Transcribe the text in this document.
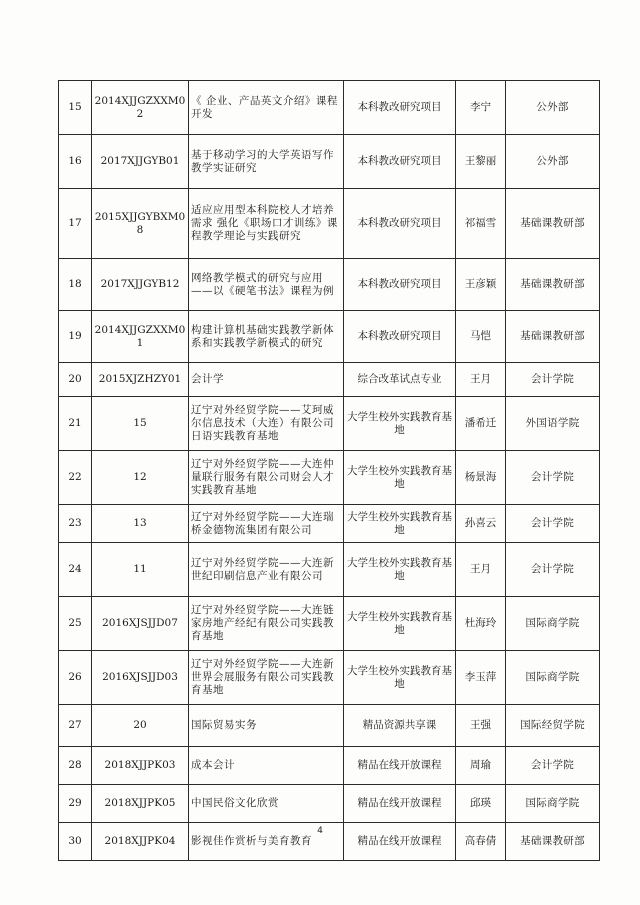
15	2014XJJGZXXM02	《 企业、产品英文介绍》课程开发	本科教改研究项目	李宁	公外部
16	2017XJJGYB01	基于移动学习的大学英语写作教学实证研究	本科教改研究项目	王黎丽	公外部
17	2015XJJGYBXM08	适应应用型本科院校人才培养需求 强化《职场口才训练》课程教学理论与实践研究	本科教改研究项目	祁福雪	基础课教研部
18	2017XJJGYB12	网络教学模式的研究与应用——以《硬笔书法》课程为例	本科教改研究项目	王彦颖	基础课教研部
19	2014XJJGZXXM01	构建计算机基础实践教学新体系和实践教学新模式的研究	本科教改研究项目	马恺	基础课教研部
20	2015XJZHZY01	会计学	综合改革试点专业	王月	会计学院
21	15	辽宁对外经贸学院——艾珂威尔信息技术（大连）有限公司日语实践教育基地	大学生校外实践教育基地	潘希迁	外国语学院
22	12	辽宁对外经贸学院——大连仲量联行服务有限公司财会人才实践教育基地	大学生校外实践教育基地	杨景海	会计学院
23	13	辽宁对外经贸学院——大连瑞桥金德物流集团有限公司	大学生校外实践教育基地	孙喜云	会计学院
24	11	辽宁对外经贸学院——大连新世纪印刷信息产业有限公司	大学生校外实践教育基地	王月	会计学院
25	2016XJSJJD07	辽宁对外经贸学院——大连链家房地产经纪有限公司实践教育基地	大学生校外实践教育基地	杜海玲	国际商学院
26	2016XJSJJD03	辽宁对外经贸学院——大连新世界会展服务有限公司实践教育基地	大学生校外实践教育基地	李玉萍	国际商学院
27	20	国际贸易实务	精品资源共享课	王强	国际经贸学院
28	2018XJJPK03	成本会计	精品在线开放课程	周瑜	会计学院
29	2018XJJPK05	中国民俗文化欣赏	精品在线开放课程	邱瑛	国际商学院
30	2018XJJPK04	影视佳作赏析与美育教育	精品在线开放课程	高春倩	基础课教研部
4
